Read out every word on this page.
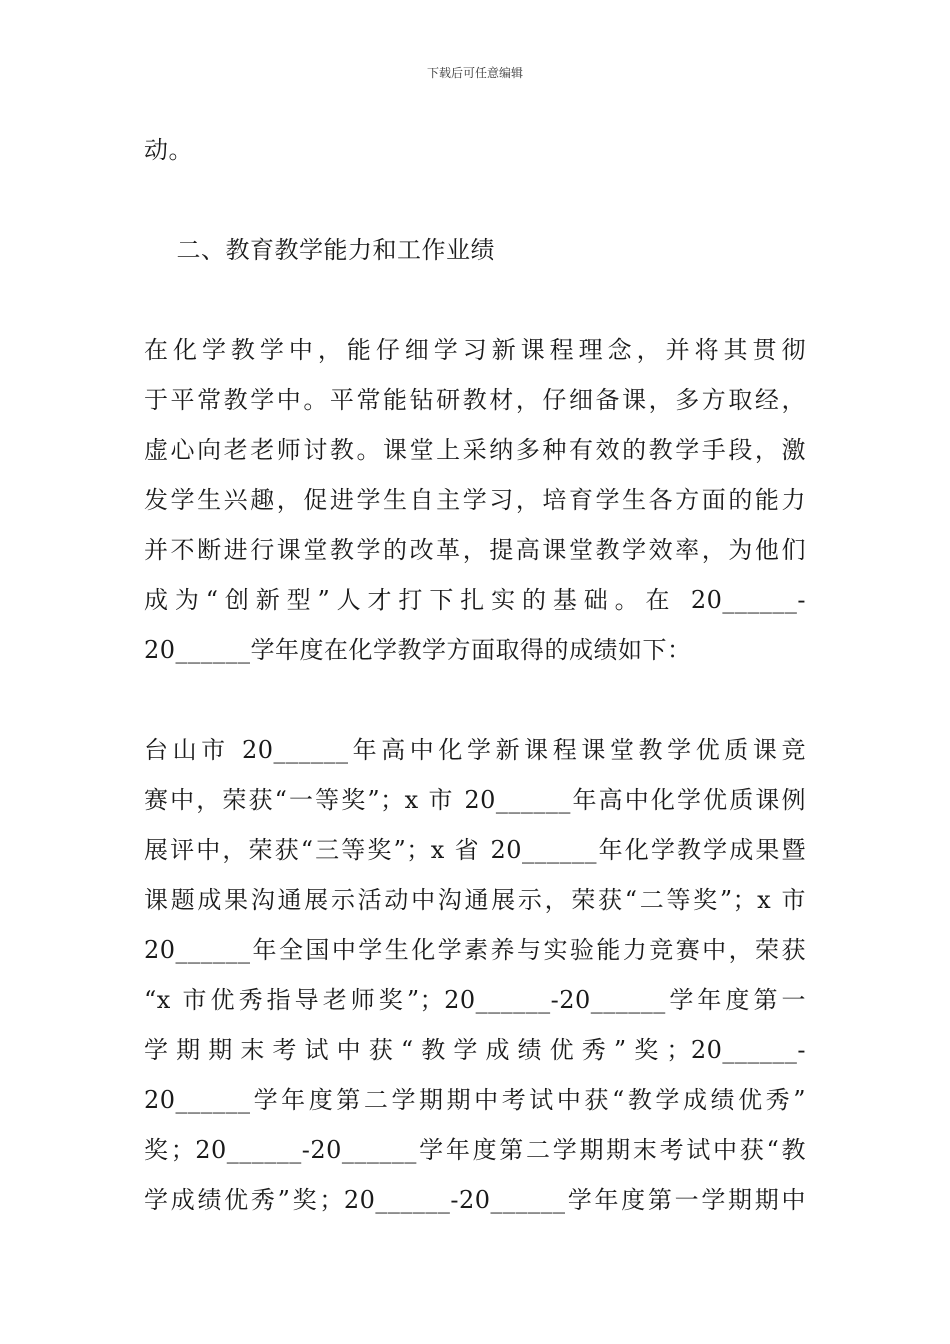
下载后可任意编辑
动。
二、教育教学能力和工作业绩
在化学教学中，能仔细学习新课程理念，并将其贯彻
于平常教学中。平常能钻研教材，仔细备课，多方取经，
虚心向老老师讨教。课堂上采纳多种有效的教学手段，激
发学生兴趣，促进学生自主学习，培育学生各方面的能力
并不断进行课堂教学的改革，提高课堂教学效率，为他们
成为“创新型”人才打下扎实的基础。在 20______-
20______学年度在化学教学方面取得的成绩如下：
台山市 20______年高中化学新课程课堂教学优质课竞
赛中，荣获“一等奖”；x 市 20______年高中化学优质课例
展评中，荣获“三等奖”；x 省 20______年化学教学成果暨
课题成果沟通展示活动中沟通展示，荣获“二等奖”；x 市
20______年全国中学生化学素养与实验能力竞赛中，荣获
“x 市优秀指导老师奖”；20______-20______学年度第一
学期期末考试中获“教学成绩优秀”奖；20______-
20______学年度第二学期期中考试中获“教学成绩优秀”
奖；20______-20______学年度第二学期期末考试中获“教
学成绩优秀”奖；20______-20______学年度第一学期期中
